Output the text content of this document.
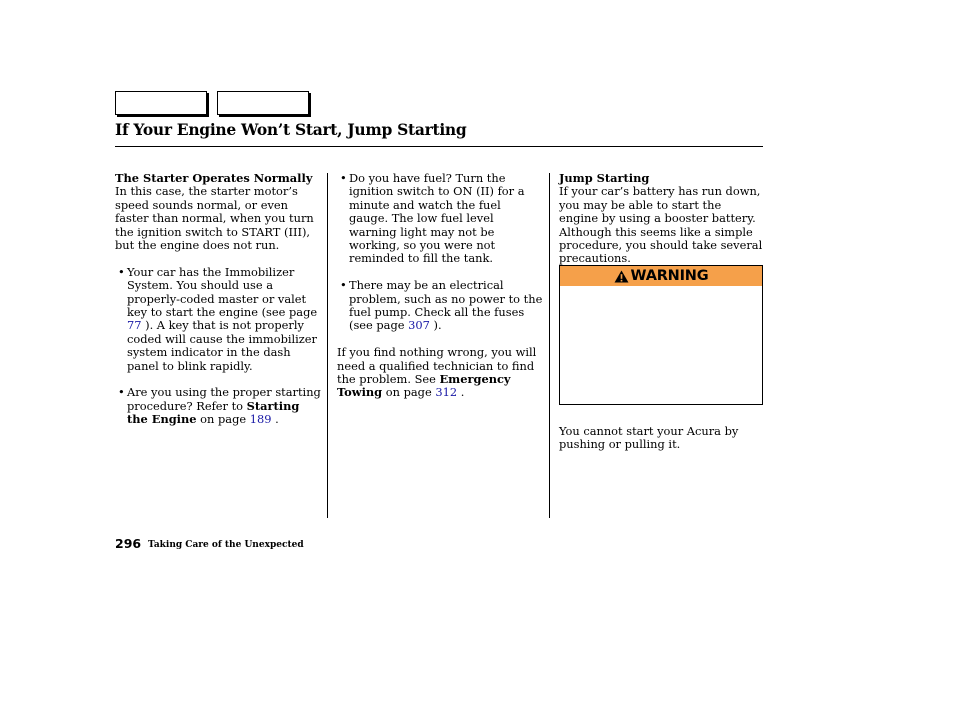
If Your Engine Won’t Start, Jump Starting
The Starter Operates Normally

In this case, the starter motor’s speed sounds normal, or even faster than normal, when you turn the ignition switch to START (III), but the engine does not run.

• Your car has the Immobilizer System. You should use a properly-coded master or valet key to start the engine (see page 77 ). A key that is not properly coded will cause the immobilizer system indicator in the dash panel to blink rapidly.

• Are you using the proper starting procedure? Refer to Starting the Engine on page 189 .

• Do you have fuel? Turn the ignition switch to ON (II) for a minute and watch the fuel gauge. The low fuel level warning light may not be working, so you were not reminded to fill the tank.

• There may be an electrical problem, such as no power to the fuel pump. Check all the fuses (see page 307 ).

If you find nothing wrong, you will need a qualified technician to find the problem. See Emergency Towing on page 312 .

Jump Starting

If your car’s battery has run down, you may be able to start the engine by using a booster battery. Although this seems like a simple procedure, you should take several precautions.

WARNING
You cannot start your Acura by pushing or pulling it.
296 Taking Care of the Unexpected
